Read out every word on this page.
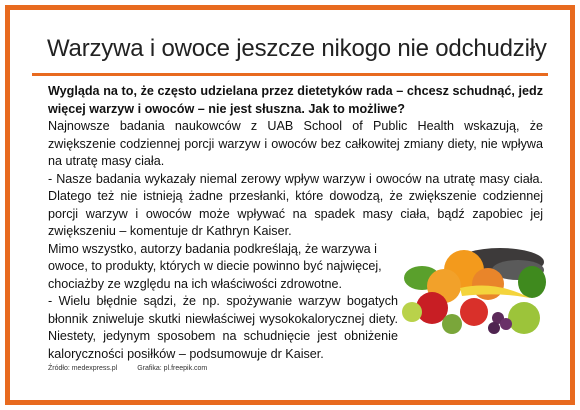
Warzywa i owoce jeszcze nikogo nie odchudziły

Wygląda na to, że często udzielana przez dietetyków rada – chcesz schudnąć, jedz więcej warzyw i owoców – nie jest słuszna. Jak to możliwe?

Najnowsze badania naukowców z UAB School of Public Health wskazują, że zwiększenie codziennej porcji warzyw i owoców bez całkowitej zmiany diety, nie wpływa na utratę masy ciała.

- Nasze badania wykazały niemal zerowy wpływ warzyw i owoców na utratę masy ciała. Dlatego też nie istnieją żadne przesłanki, które dowodzą, że zwiększenie codziennej porcji warzyw i owoców może wpływać na spadek masy ciała, bądź zapobiec jej zwiększeniu – komentuje dr Kathryn Kaiser.

Mimo wszystko, autorzy badania podkreślają, że warzywa i owoce, to produkty, których w diecie powinno być najwięcej, chociażby ze względu na ich właściwości zdrowotne.

- Wielu błędnie sądzi, że np. spożywanie warzyw bogatych błonnik zniweluje skutki niewłaściwej wysokokalorycznej diety. Niestety, jedynym sposobem na schudnięcie jest obniżenie kaloryczności posiłków – podsumowuje dr Kaiser.

Źródło: medexpress.pl	Grafika: pl.freepik.com
